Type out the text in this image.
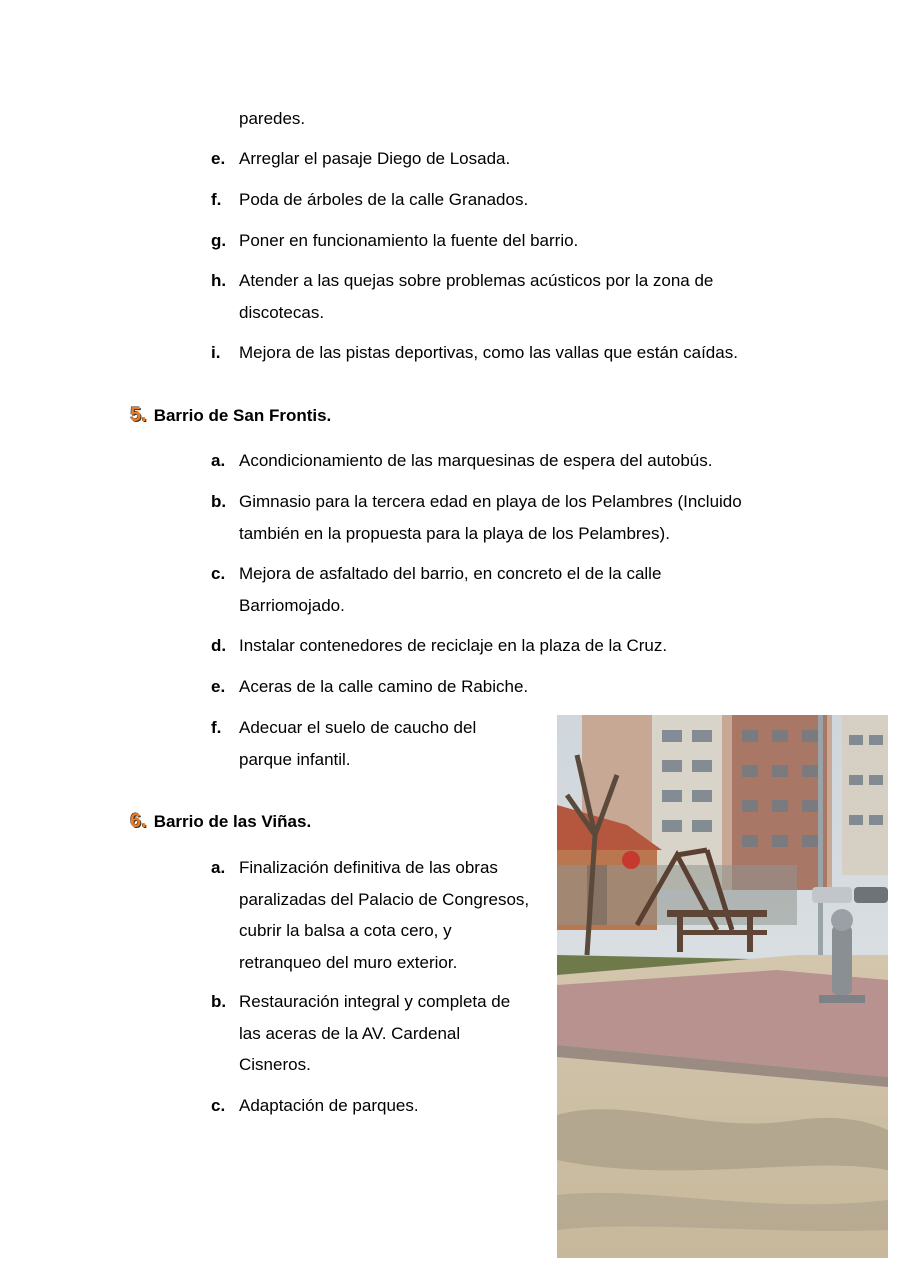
paredes.
e. Arreglar el pasaje Diego de Losada.
f. Poda de árboles de la calle Granados.
g. Poner en funcionamiento la fuente del barrio.
h. Atender a las quejas sobre problemas acústicos por la zona de discotecas.
i. Mejora de las pistas deportivas, como las vallas que están caídas.
5. Barrio de San Frontis.
a. Acondicionamiento de las marquesinas de espera del autobús.
b. Gimnasio para la tercera edad en playa de los Pelambres (Incluido también en la propuesta para la playa de los Pelambres).
c. Mejora de asfaltado del barrio, en concreto el de la calle Barriomojado.
d. Instalar contenedores de reciclaje en la plaza de la Cruz.
e. Aceras de la calle camino de Rabiche.
f. Adecuar el suelo de caucho del parque infantil.
6. Barrio de las Viñas.
a. Finalización definitiva de las obras paralizadas del Palacio de Congresos, cubrir la balsa a cota cero, y retranqueo del muro exterior.
b. Restauración integral y completa de las aceras de la AV. Cardenal Cisneros.
c. Adaptación de parques.
